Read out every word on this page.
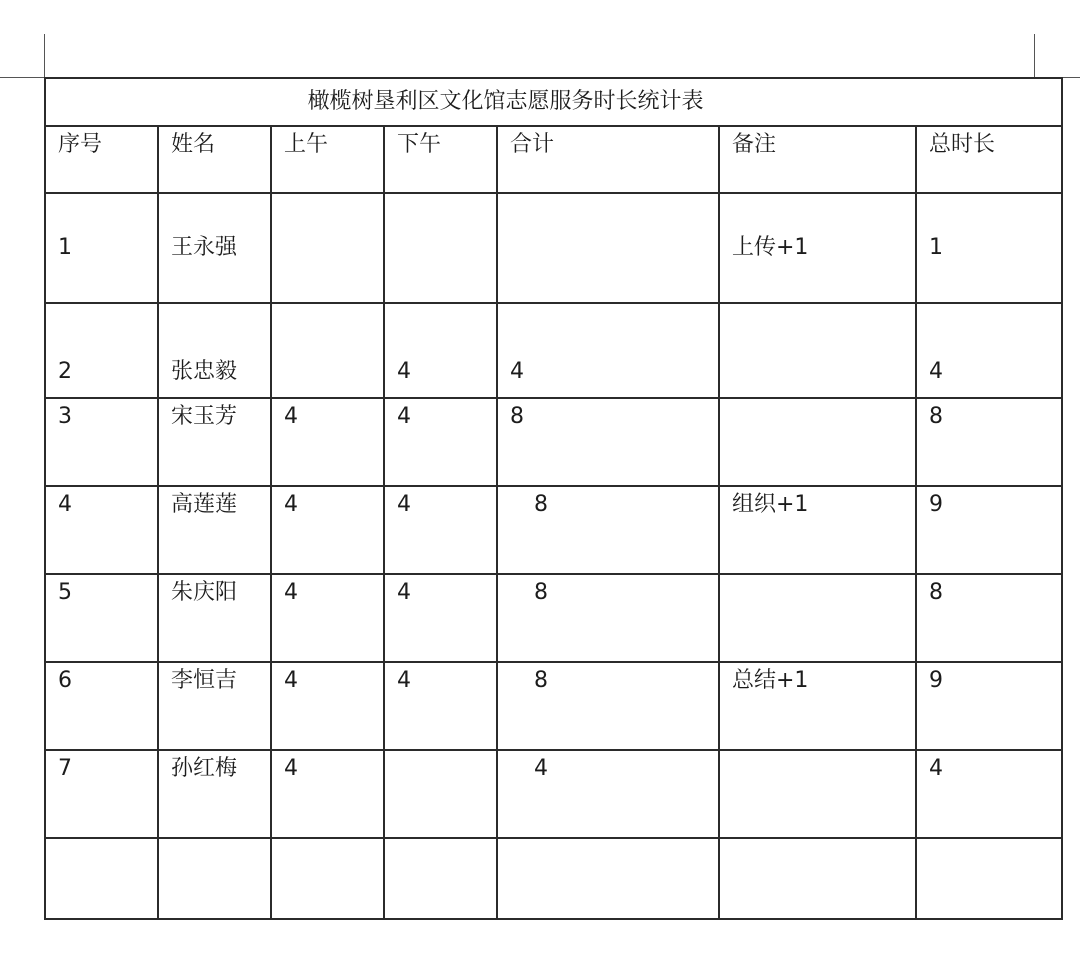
橄榄树垦利区文化馆志愿服务时长统计表						
序号	姓名	上午	下午	合计	备注	总时长
1	王永强				上传+1	1
2	张忠毅		4	4		4
3	宋玉芳	4	4	8		8
4	高莲莲	4	4	8	组织+1	9
5	朱庆阳	4	4	8		8
6	李恒吉	4	4	8	总结+1	9
7	孙红梅	4		4		4
